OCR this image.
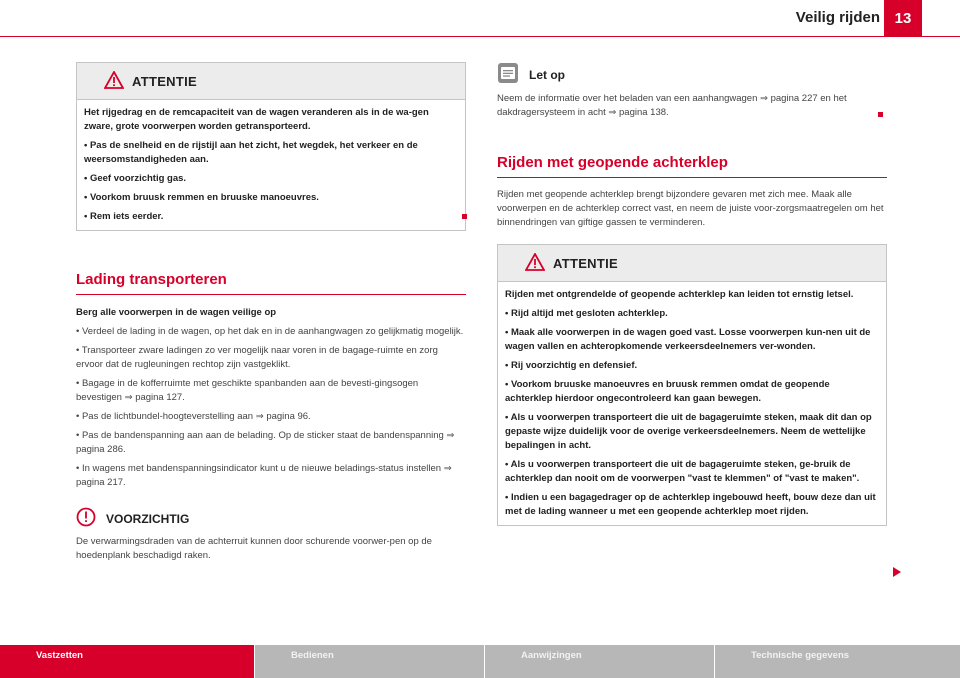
Veilig rijden 13
ATTENTIE

Het rijgedrag en de remcapaciteit van de wagen veranderen als in de wa-gen zware, grote voorwerpen worden getransporteerd.

• Pas de snelheid en de rijstijl aan het zicht, het wegdek, het verkeer en de weersomstandigheden aan.

• Geef voorzichtig gas.

• Voorkom bruusk remmen en bruuske manoeuvres.

• Rem iets eerder.

Lading transporteren
Berg alle voorwerpen in de wagen veilige op

• Verdeel de lading in de wagen, op het dak en in de aanhangwagen zo gelijkmatig mogelijk.

• Transporteer zware ladingen zo ver mogelijk naar voren in de bagage-ruimte en zorg ervoor dat de rugleuningen rechtop zijn vastgeklikt.

• Bagage in de kofferruimte met geschikte spanbanden aan de bevesti-gingsogen bevestigen ⇒ pagina 127.

• Pas de lichtbundel-hoogteverstelling aan ⇒ pagina 96.

• Pas de bandenspanning aan aan de belading. Op de sticker staat de bandenspanning ⇒ pagina 286.

• In wagens met bandenspanningsindicator kunt u de nieuwe beladings-status instellen ⇒ pagina 217.

VOORZICHTIG
De verwarmingsdraden van de achterruit kunnen door schurende voorwer-pen op de hoedenplank beschadigd raken.
Let op
Neem de informatie over het beladen van een aanhangwagen ⇒ pagina 227 en het dakdragersysteem in acht ⇒ pagina 138.
Rijden met geopende achterklep
Rijden met geopende achterklep brengt bijzondere gevaren met zich mee. Maak alle voorwerpen en de achterklep correct vast, en neem de juiste voor-zorgsmaatregelen om het binnendringen van giftige gassen te verminderen.
ATTENTIE

Rijden met ontgrendelde of geopende achterklep kan leiden tot ernstig letsel.

• Rijd altijd met gesloten achterklep.

• Maak alle voorwerpen in de wagen goed vast. Losse voorwerpen kun-nen uit de wagen vallen en achteropkomende verkeersdeelnemers ver-wonden.

• Rij voorzichtig en defensief.

• Voorkom bruuske manoeuvres en bruusk remmen omdat de geopende achterklep hierdoor ongecontroleerd kan gaan bewegen.

• Als u voorwerpen transporteert die uit de bagageruimte steken, maak dit dan op gepaste wijze duidelijk voor de overige verkeersdeelnemers. Neem de wettelijke bepalingen in acht.

• Als u voorwerpen transporteert die uit de bagageruimte steken, ge-bruik de achterklep dan nooit om de voorwerpen "vast te klemmen" of "vast te maken".

• Indien u een bagagedrager op de achterklep ingebouwd heeft, bouw deze dan uit met de lading wanneer u met een geopende achterklep moet rijden.

Vastzetten	Bedienen	Aanwijzingen	Technische gegevens
